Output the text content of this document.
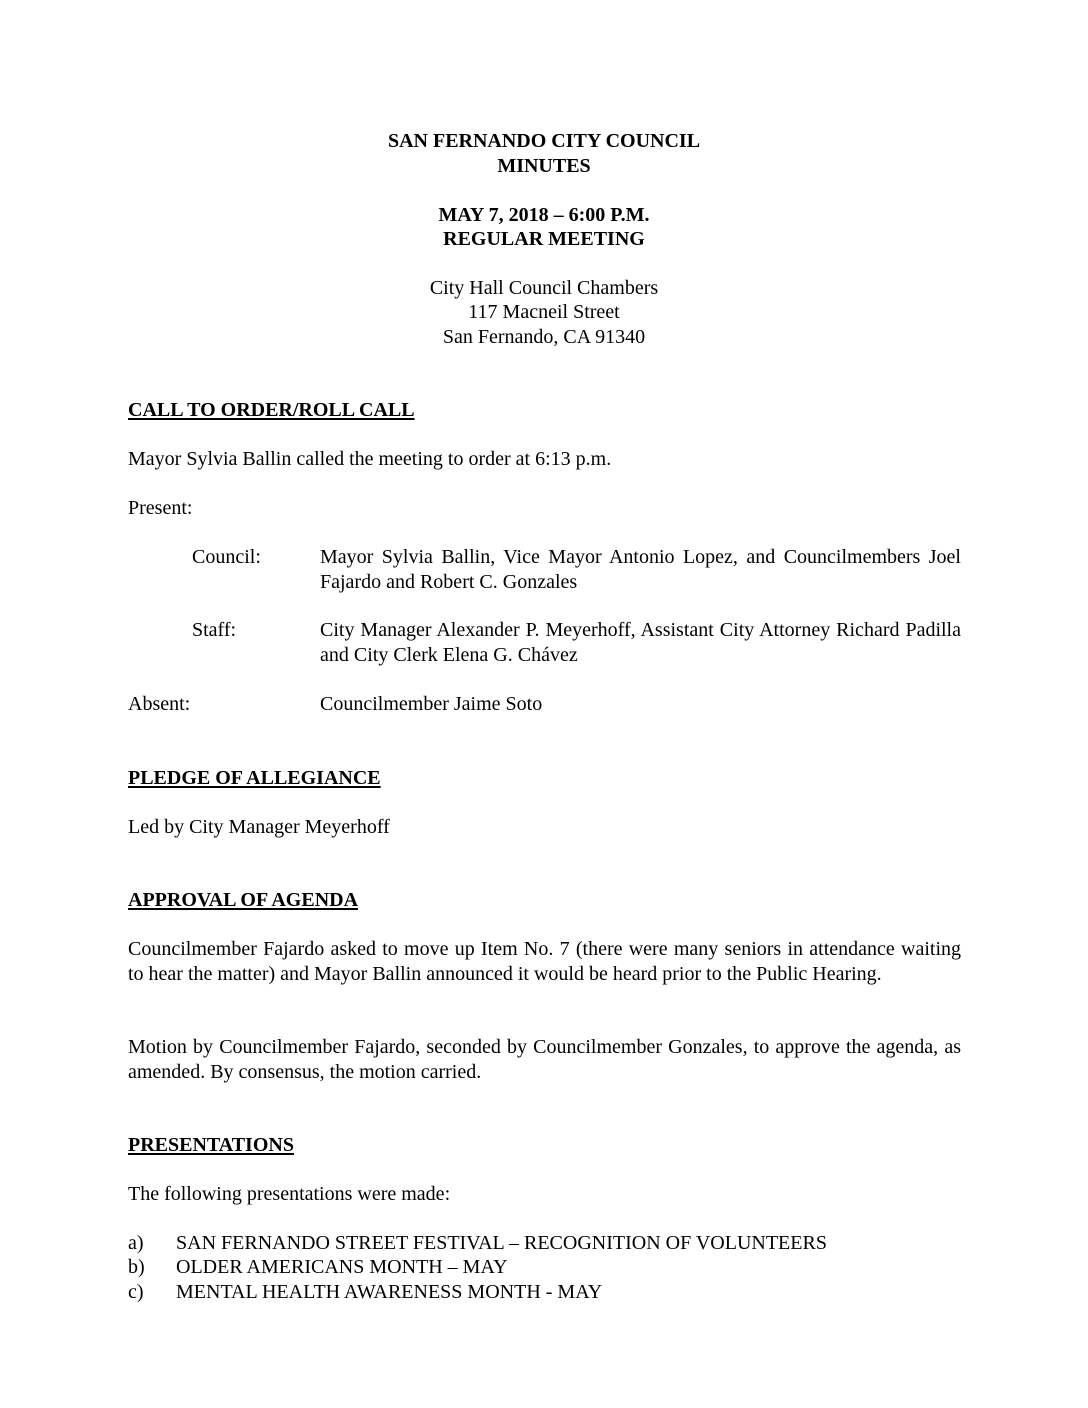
SAN FERNANDO CITY COUNCIL
MINUTES
MAY 7, 2018 – 6:00 P.M.
REGULAR MEETING
City Hall Council Chambers
117 Macneil Street
San Fernando, CA 91340
CALL TO ORDER/ROLL CALL
Mayor Sylvia Ballin called the meeting to order at 6:13 p.m.
Present:
Council:	Mayor Sylvia Ballin, Vice Mayor Antonio Lopez, and Councilmembers Joel Fajardo and Robert C. Gonzales
Staff:	City Manager Alexander P. Meyerhoff, Assistant City Attorney Richard Padilla and City Clerk Elena G. Chávez
Absent:	Councilmember Jaime Soto
PLEDGE OF ALLEGIANCE
Led by City Manager Meyerhoff
APPROVAL OF AGENDA
Councilmember Fajardo asked to move up Item No. 7 (there were many seniors in attendance waiting to hear the matter) and Mayor Ballin announced it would be heard prior to the Public Hearing.
Motion by Councilmember Fajardo, seconded by Councilmember Gonzales, to approve the agenda, as amended. By consensus, the motion carried.
PRESENTATIONS
The following presentations were made:
a) SAN FERNANDO STREET FESTIVAL – RECOGNITION OF VOLUNTEERS
b) OLDER AMERICANS MONTH – MAY
c) MENTAL HEALTH AWARENESS MONTH - MAY
